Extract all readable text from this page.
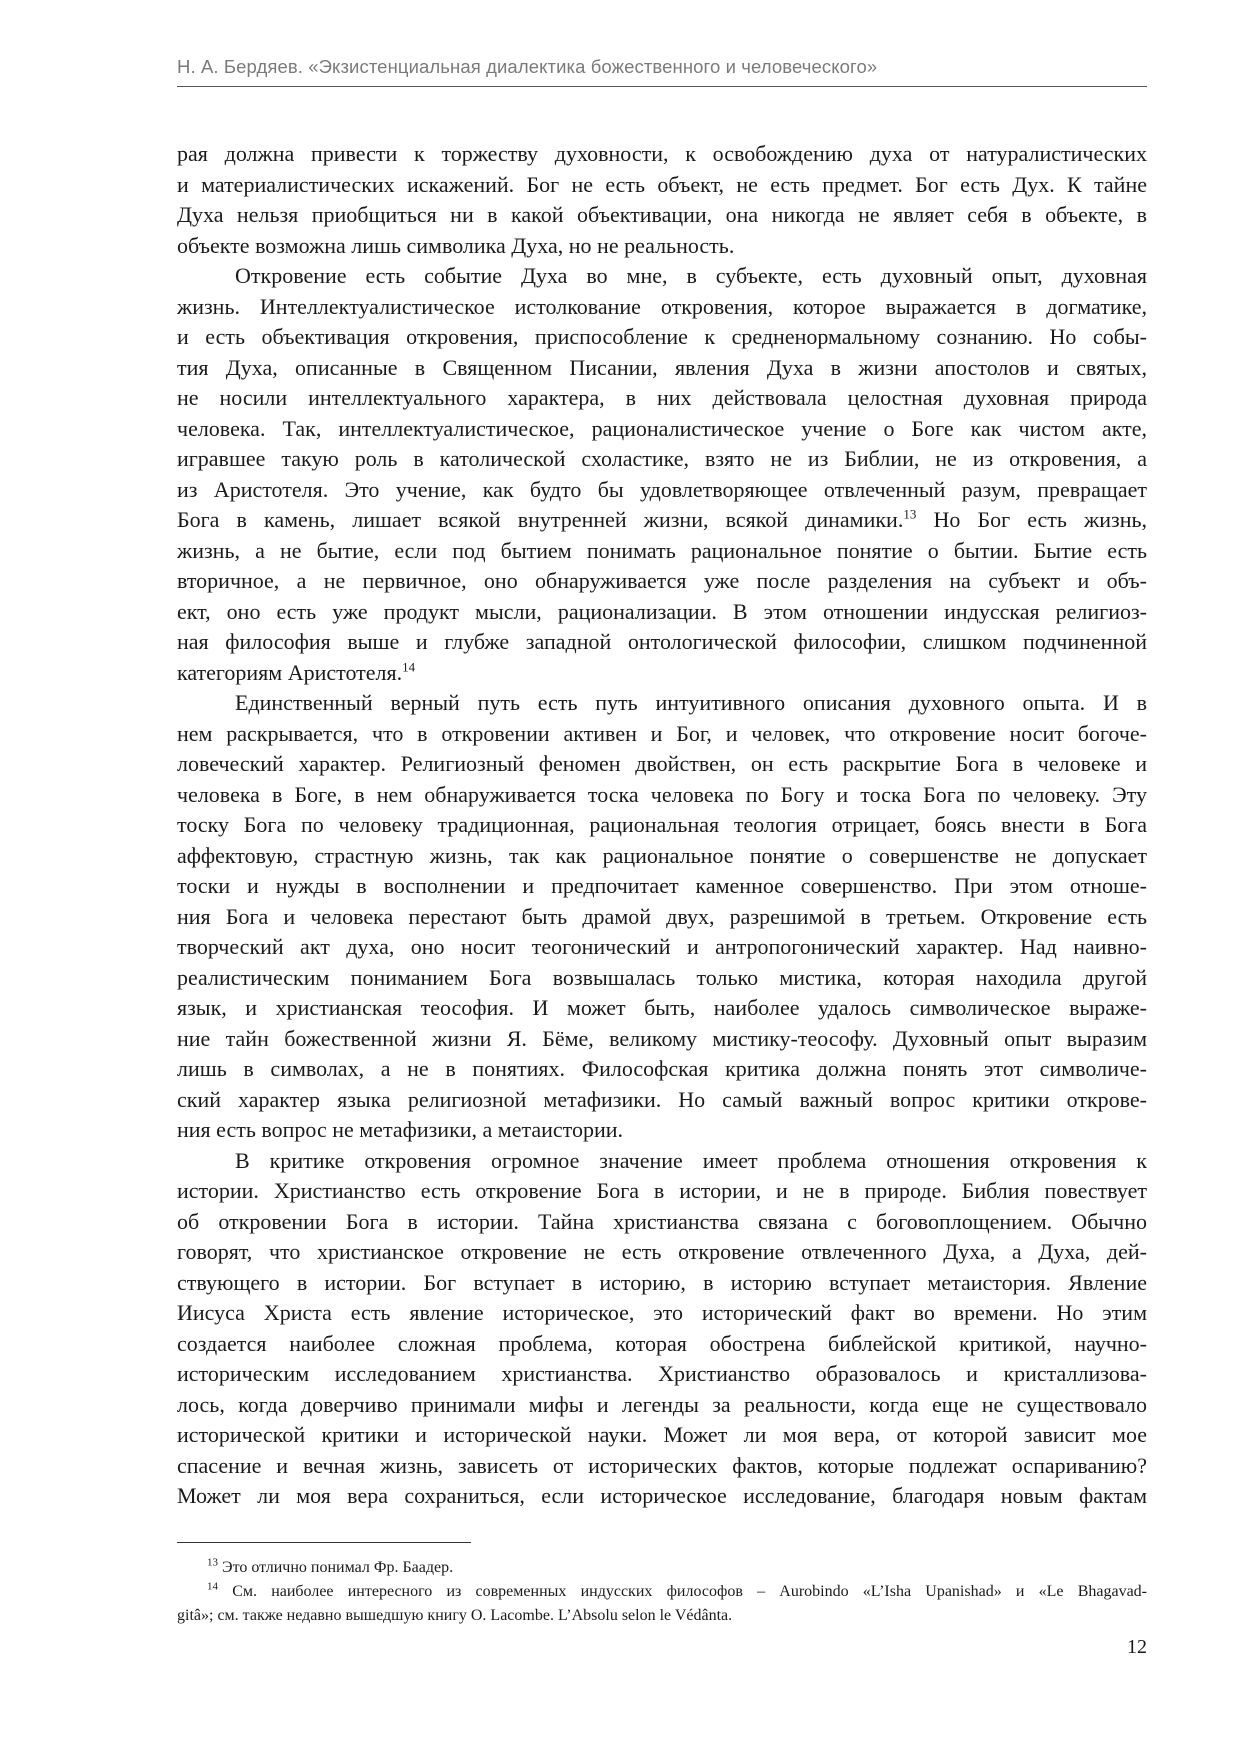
Н. А. Бердяев. «Экзистенциальная диалектика божественного и человеческого»
рая должна привести к торжеству духовности, к освобождению духа от натуралистических
и материалистических искажений. Бог не есть объект, не есть предмет. Бог есть Дух. К тайне
Духа нельзя приобщиться ни в какой объективации, она никогда не являет себя в объекте, в
объекте возможна лишь символика Духа, но не реальность.
Откровение есть событие Духа во мне, в субъекте, есть духовный опыт, духовная
жизнь. Интеллектуалистическое истолкование откровения, которое выражается в догматике,
и есть объективация откровения, приспособление к средненормальному сознанию. Но собы-
тия Духа, описанные в Священном Писании, явления Духа в жизни апостолов и святых,
не носили интеллектуального характера, в них действовала целостная духовная природа
человека. Так, интеллектуалистическое, рационалистическое учение о Боге как чистом акте,
игравшее такую роль в католической схоластике, взято не из Библии, не из откровения, а
из Аристотеля. Это учение, как будто бы удовлетворяющее отвлеченный разум, превращает
Бога в камень, лишает всякой внутренней жизни, всякой динамики.$^{13}$ Но Бог есть жизнь,
жизнь, а не бытие, если под бытием понимать рациональное понятие о бытии. Бытие есть
вторичное, а не первичное, оно обнаруживается уже после разделения на субъект и объ-
ект, оно есть уже продукт мысли, рационализации. В этом отношении индусская религиоз-
ная философия выше и глубже западной онтологической философии, слишком подчиненной
категориям Аристотеля.$^{14}$
Единственный верный путь есть путь интуитивного описания духовного опыта. И в
нем раскрывается, что в откровении активен и Бог, и человек, что откровение носит богоче-
ловеческий характер. Религиозный феномен двойствен, он есть раскрытие Бога в человеке и
человека в Боге, в нем обнаруживается тоска человека по Богу и тоска Бога по человеку. Эту
тоску Бога по человеку традиционная, рациональная теология отрицает, боясь внести в Бога
аффектовую, страстную жизнь, так как рациональное понятие о совершенстве не допускает
тоски и нужды в восполнении и предпочитает каменное совершенство. При этом отноше-
ния Бога и человека перестают быть драмой двух, разрешимой в третьем. Откровение есть
творческий акт духа, оно носит теогонический и антропогонический характер. Над наивно-
реалистическим пониманием Бога возвышалась только мистика, которая находила другой
язык, и христианская теософия. И может быть, наиболее удалось символическое выраже-
ние тайн божественной жизни Я. Бёме, великому мистику-теософу. Духовный опыт выразим
лишь в символах, а не в понятиях. Философская критика должна понять этот символиче-
ский характер языка религиозной метафизики. Но самый важный вопрос критики открове-
ния есть вопрос не метафизики, а метаистории.
В критике откровения огромное значение имеет проблема отношения откровения к
истории. Христианство есть откровение Бога в истории, и не в природе. Библия повествует
об откровении Бога в истории. Тайна христианства связана с боговоплощением. Обычно
говорят, что христианское откровение не есть откровение отвлеченного Духа, а Духа, дей-
ствующего в истории. Бог вступает в историю, в историю вступает метаистория. Явление
Иисуса Христа есть явление историческое, это исторический факт во времени. Но этим
создается наиболее сложная проблема, которая обострена библейской критикой, научно-
историческим исследованием христианства. Христианство образовалось и кристаллизова-
лось, когда доверчиво принимали мифы и легенды за реальности, когда еще не существовало
исторической критики и исторической науки. Может ли моя вера, от которой зависит мое
спасение и вечная жизнь, зависеть от исторических фактов, которые подлежат оспариванию?
Может ли моя вера сохраниться, если историческое исследование, благодаря новым фактам
$^{13}$ Это отлично понимал Фр. Баадер.
$^{14}$ См. наиболее интересного из современных индусских философов – Aurobindo «L’Isha Upanishad» и «Le Bhagavad-
gitâ»; см. также недавно вышедшую книгу O. Lacombe. L’Absolu selon le Védânta.
12
